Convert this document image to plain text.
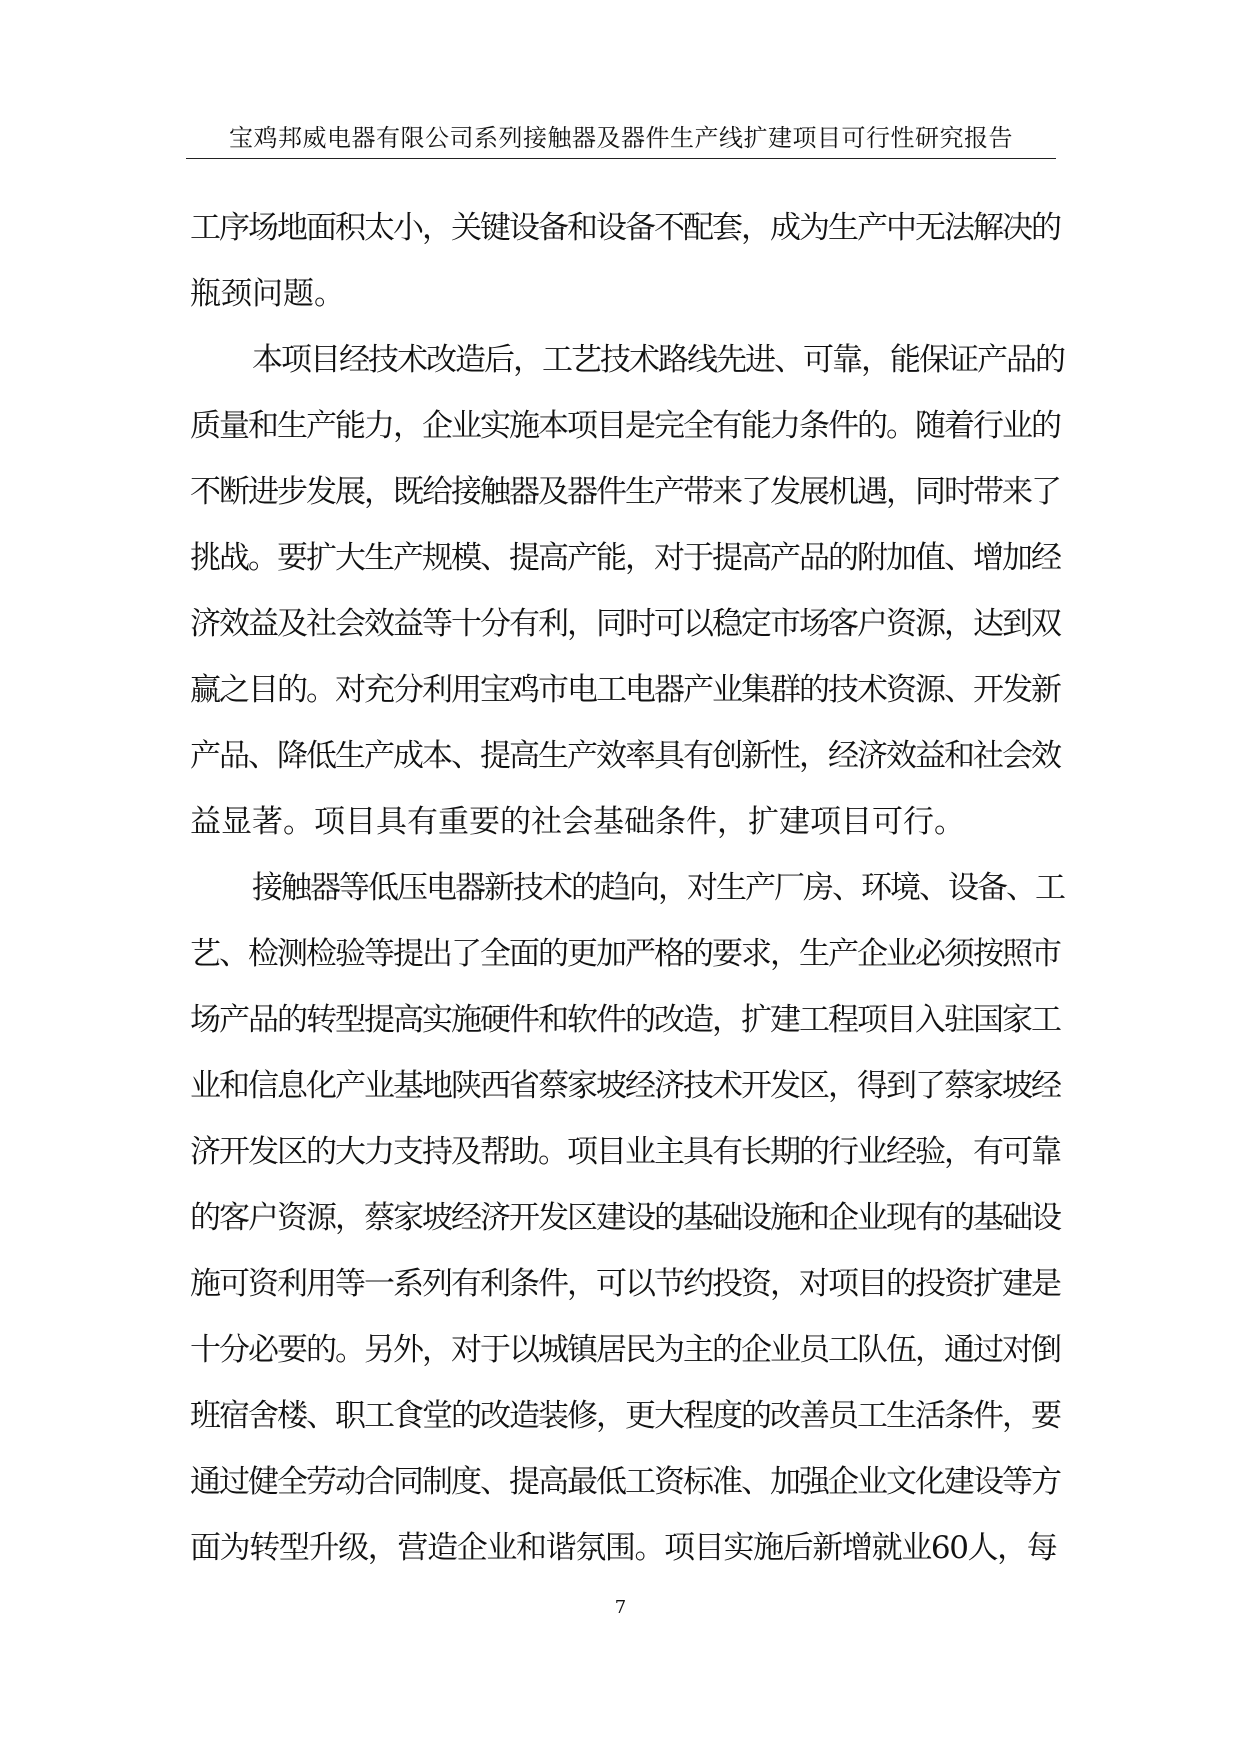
宝鸡邦威电器有限公司系列接触器及器件生产线扩建项目可行性研究报告
工序场地面积太小，关键设备和设备不配套，成为生产中无法解决的
瓶颈问题。
本项目经技术改造后，工艺技术路线先进、可靠，能保证产品的
质量和生产能力，企业实施本项目是完全有能力条件的。随着行业的
不断进步发展，既给接触器及器件生产带来了发展机遇，同时带来了
挑战。要扩大生产规模、提高产能，对于提高产品的附加值、增加经
济效益及社会效益等十分有利，同时可以稳定市场客户资源，达到双
赢之目的。对充分利用宝鸡市电工电器产业集群的技术资源、开发新
产品、降低生产成本、提高生产效率具有创新性，经济效益和社会效
益显著。项目具有重要的社会基础条件，扩建项目可行。
接触器等低压电器新技术的趋向，对生产厂房、环境、设备、工
艺、检测检验等提出了全面的更加严格的要求，生产企业必须按照市
场产品的转型提高实施硬件和软件的改造，扩建工程项目入驻国家工
业和信息化产业基地陕西省蔡家坡经济技术开发区，得到了蔡家坡经
济开发区的大力支持及帮助。项目业主具有长期的行业经验，有可靠
的客户资源，蔡家坡经济开发区建设的基础设施和企业现有的基础设
施可资利用等一系列有利条件，可以节约投资，对项目的投资扩建是
十分必要的。另外，对于以城镇居民为主的企业员工队伍，通过对倒
班宿舍楼、职工食堂的改造装修，更大程度的改善员工生活条件，要
通过健全劳动合同制度、提高最低工资标准、加强企业文化建设等方
面为转型升级，营造企业和谐氛围。项目实施后新增就业60人，每
7
